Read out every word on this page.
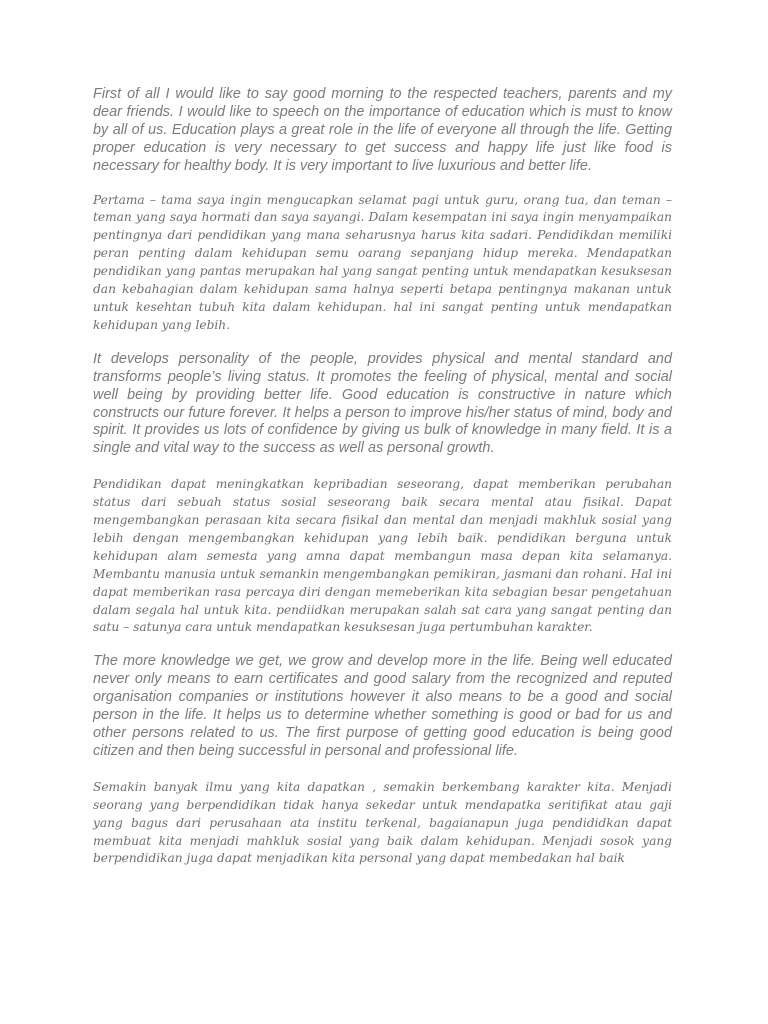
First of all I would like to say good morning to the respected teachers, parents and my dear friends. I would like to speech on the importance of education which is must to know by all of us. Education plays a great role in the life of everyone all through the life. Getting proper education is very necessary to get success and happy life just like food is necessary for healthy body. It is very important to live luxurious and better life.

Pertama – tama saya ingin mengucapkan selamat pagi untuk guru, orang tua, dan teman – teman yang saya hormati dan saya sayangi. Dalam kesempatan ini saya ingin menyampaikan pentingnya dari pendidikan yang mana seharusnya harus kita sadari. Pendidikdan memiliki peran penting dalam kehidupan semu oarang sepanjang hidup mereka. Mendapatkan pendidikan yang pantas merupakan hal yang sangat penting untuk mendapatkan kesuksesan dan kebahagian dalam kehidupan sama halnya seperti betapa pentingnya makanan untuk untuk kesehtan tubuh kita dalam kehidupan. hal ini sangat penting untuk mendapatkan kehidupan yang lebih.

It develops personality of the people, provides physical and mental standard and transforms people’s living status. It promotes the feeling of physical, mental and social well being by providing better life. Good education is constructive in nature which constructs our future forever. It helps a person to improve his/her status of mind, body and spirit. It provides us lots of confidence by giving us bulk of knowledge in many field. It is a single and vital way to the success as well as personal growth.

Pendidikan dapat meningkatkan kepribadian seseorang, dapat memberikan perubahan status dari sebuah status sosial seseorang baik secara mental atau fisikal. Dapat mengembangkan perasaan kita secara fisikal dan mental dan menjadi makhluk sosial yang lebih dengan mengembangkan kehidupan yang lebih baik. pendidikan berguna untuk kehidupan alam semesta yang amna dapat membangun masa depan kita selamanya. Membantu manusia untuk semankin mengembangkan pemikiran, jasmani dan rohani. Hal ini dapat memberikan rasa percaya diri dengan memeberikan kita sebagian besar pengetahuan dalam segala hal untuk kita. pendiidkan merupakan salah sat cara yang sangat penting dan satu – satunya cara untuk mendapatkan kesuksesan juga pertumbuhan karakter.

The more knowledge we get, we grow and develop more in the life. Being well educated never only means to earn certificates and good salary from the recognized and reputed organisation companies or institutions however it also means to be a good and social person in the life. It helps us to determine whether something is good or bad for us and other persons related to us. The first purpose of getting good education is being good citizen and then being successful in personal and professional life.

Semakin banyak ilmu yang kita dapatkan , semakin berkembang karakter kita. Menjadi seorang yang berpendidikan tidak hanya sekedar untuk mendapatka seritifikat atau gaji yang bagus dari perusahaan ata institu terkenal, bagaianapun juga pendididkan dapat membuat kita menjadi mahkluk sosial yang baik dalam kehidupan. Menjadi sosok yang berpendidikan juga dapat menjadikan kita personal yang dapat membedakan hal baik
